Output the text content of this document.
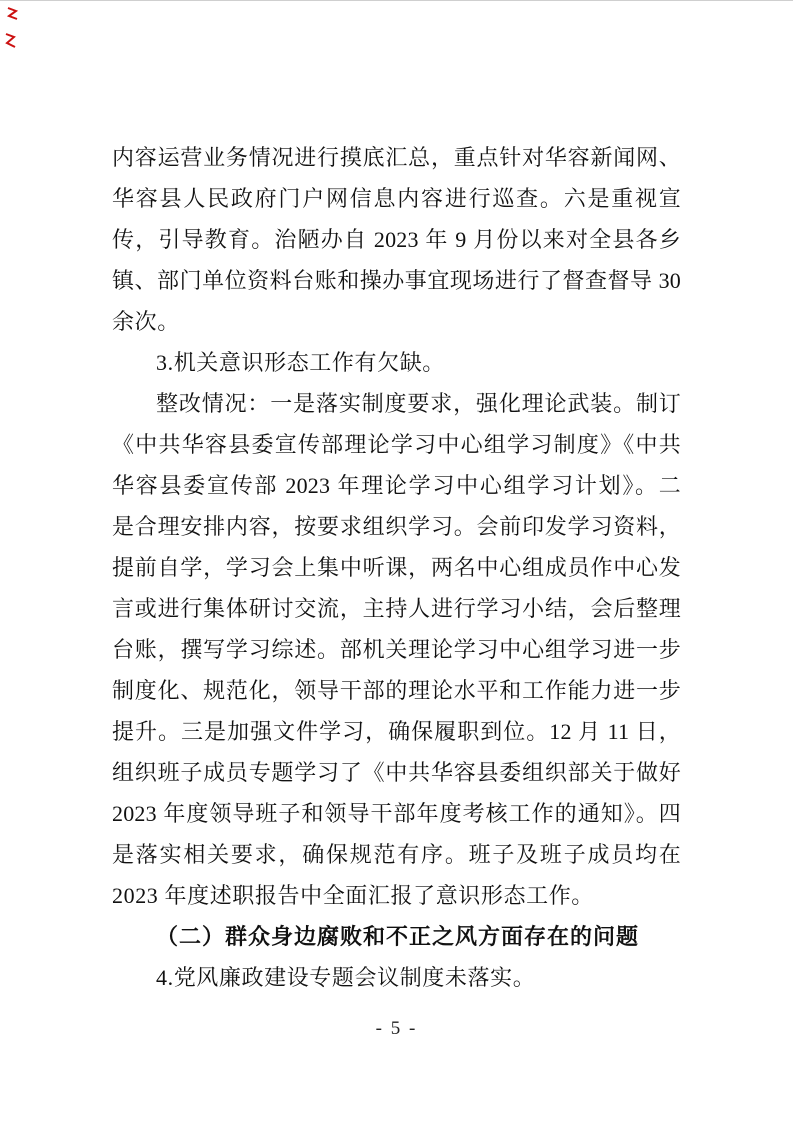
内容运营业务情况进行摸底汇总，重点针对华容新闻网、
华容县人民政府门户网信息内容进行巡查。六是重视宣
传，引导教育。治陋办自 2023 年 9 月份以来对全县各乡
镇、部门单位资料台账和操办事宜现场进行了督查督导 30
余次。
3.机关意识形态工作有欠缺。
整改情况：一是落实制度要求，强化理论武装。制订
《中共华容县委宣传部理论学习中心组学习制度》《中共
华容县委宣传部 2023 年理论学习中心组学习计划》。二
是合理安排内容，按要求组织学习。会前印发学习资料，
提前自学，学习会上集中听课，两名中心组成员作中心发
言或进行集体研讨交流，主持人进行学习小结，会后整理
台账，撰写学习综述。部机关理论学习中心组学习进一步
制度化、规范化，领导干部的理论水平和工作能力进一步
提升。三是加强文件学习，确保履职到位。12 月 11 日，
组织班子成员专题学习了《中共华容县委组织部关于做好
2023 年度领导班子和领导干部年度考核工作的通知》。四
是落实相关要求，确保规范有序。班子及班子成员均在
2023 年度述职报告中全面汇报了意识形态工作。
（二）群众身边腐败和不正之风方面存在的问题
4.党风廉政建设专题会议制度未落实。
- 5 -
